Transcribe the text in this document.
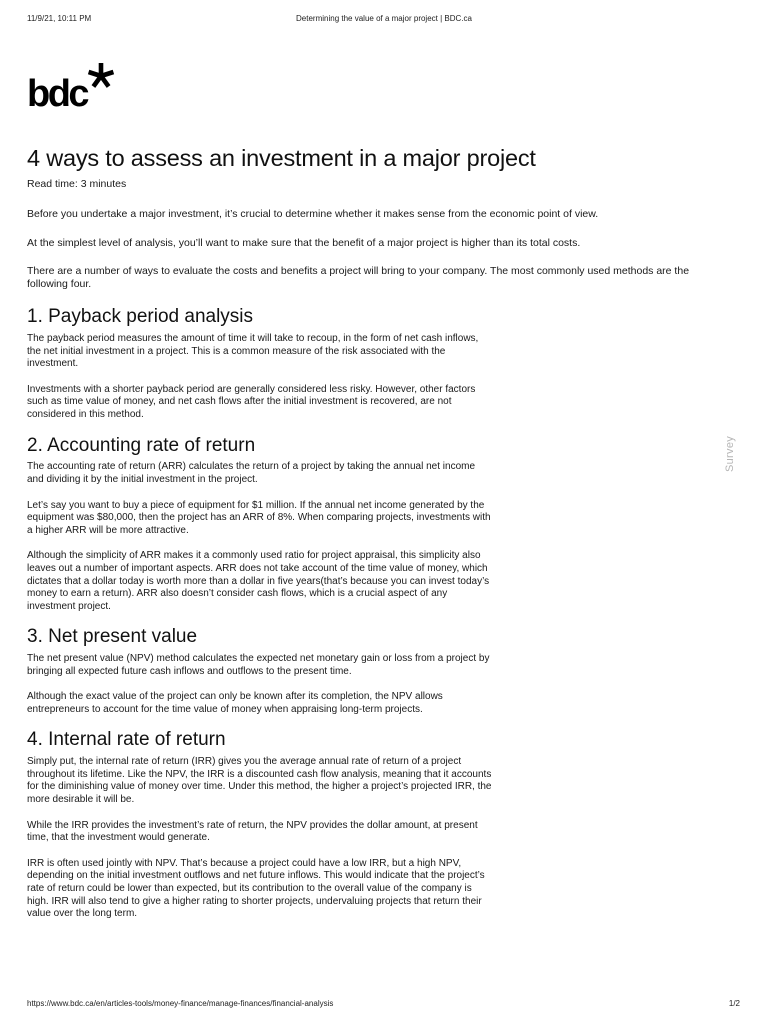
11/9/21, 10:11 PM	Determining the value of a major project | BDC.ca
bdc
Survey
4 ways to assess an investment in a major project
Read time: 3 minutes

Before you undertake a major investment, it’s crucial to determine whether it makes sense from the economic point of view.

At the simplest level of analysis, you’ll want to make sure that the benefit of a major project is higher than its total costs.

There are a number of ways to evaluate the costs and benefits a project will bring to your company. The most commonly used methods are the following four.

1. Payback period analysis

The payback period measures the amount of time it will take to recoup, in the form of net cash inflows, the net initial investment in a project. This is a common measure of the risk associated with the investment.

Investments with a shorter payback period are generally considered less risky. However, other factors such as time value of money, and net cash flows after the initial investment is recovered, are not considered in this method.

2. Accounting rate of return

The accounting rate of return (ARR) calculates the return of a project by taking the annual net income and dividing it by the initial investment in the project.

Let’s say you want to buy a piece of equipment for $1 million. If the annual net income generated by the equipment was $80,000, then the project has an ARR of 8%. When comparing projects, investments with a higher ARR will be more attractive.

Although the simplicity of ARR makes it a commonly used ratio for project appraisal, this simplicity also leaves out a number of important aspects. ARR does not take account of the time value of money, which dictates that a dollar today is worth more than a dollar in five years(that’s because you can invest today’s money to earn a return). ARR also doesn’t consider cash flows, which is a crucial aspect of any investment project.

3. Net present value

The net present value (NPV) method calculates the expected net monetary gain or loss from a project by bringing all expected future cash inflows and outflows to the present time.

Although the exact value of the project can only be known after its completion, the NPV allows entrepreneurs to account for the time value of money when appraising long-term projects.

4. Internal rate of return

Simply put, the internal rate of return (IRR) gives you the average annual rate of return of a project throughout its lifetime. Like the NPV, the IRR is a discounted cash flow analysis, meaning that it accounts for the diminishing value of money over time. Under this method, the higher a project’s projected IRR, the more desirable it will be.

While the IRR provides the investment’s rate of return, the NPV provides the dollar amount, at present time, that the investment would generate.

IRR is often used jointly with NPV. That’s because a project could have a low IRR, but a high NPV, depending on the initial investment outflows and net future inflows. This would indicate that the project’s rate of return could be lower than expected, but its contribution to the overall value of the company is high. IRR will also tend to give a higher rating to shorter projects, undervaluing projects that return their value over the long term.

https://www.bdc.ca/en/articles-tools/money-finance/manage-finances/financial-analysis	1/2
